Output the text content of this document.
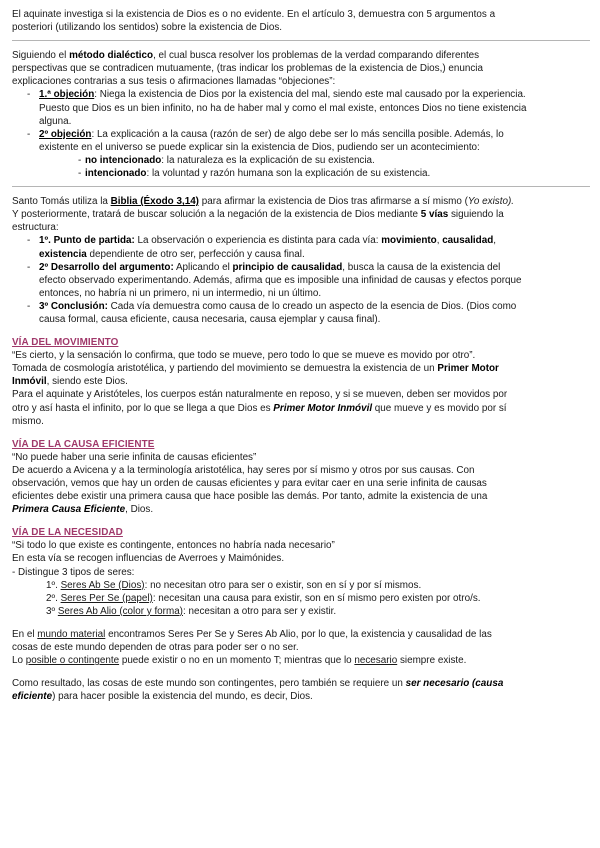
El aquinate investiga si la existencia de Dios es o no evidente. En el artículo 3, demuestra con 5 argumentos a

posteriori (utilizando los sentidos) sobre la existencia de Dios.

Siguiendo el método dialéctico, el cual busca resolver los problemas de la verdad comparando diferentes

perspectivas que se contradicen mutuamente, (tras indicar los problemas de la existencia de Dios,) enuncia

explicaciones contrarias a sus tesis o afirmaciones llamadas “objeciones”:

- 1.ª objeción: Niega la existencia de Dios por la existencia del mal, siendo este mal causado por la experiencia.

Puesto que Dios es un bien infinito, no ha de haber mal y como el mal existe, entonces Dios no tiene existencia

alguna.

- 2º objeción: La explicación a la causa (razón de ser) de algo debe ser lo más sencilla posible. Además, lo

existente en el universo se puede explicar sin la existencia de Dios, pudiendo ser un acontecimiento:

- no intencionado: la naturaleza es la explicación de su existencia.

- intencionado: la voluntad y razón humana son la explicación de su existencia.

Santo Tomás utiliza la Biblia (Éxodo 3,14) para afirmar la existencia de Dios tras afirmarse a sí mismo (Yo existo).

Y posteriormente, tratará de buscar solución a la negación de la existencia de Dios mediante 5 vías siguiendo la

estructura:

- 1º. Punto de partida: La observación o experiencia es distinta para cada vía: movimiento, causalidad,

existencia dependiente de otro ser, perfección y causa final.

- 2º Desarrollo del argumento: Aplicando el principio de causalidad, busca la causa de la existencia del

efecto observado experimentando. Además, afirma que es imposible una infinidad de causas y efectos porque

entonces, no habría ni un primero, ni un intermedio, ni un último.

- 3º Conclusión: Cada vía demuestra como causa de lo creado un aspecto de la esencia de Dios. (Dios como

causa formal, causa eficiente, causa necesaria, causa ejemplar y causa final).

VÍA DEL MOVIMIENTO

“Es cierto, y la sensación lo confirma, que todo se mueve, pero todo lo que se mueve es movido por otro”.

Tomada de cosmología aristotélica, y partiendo del movimiento se demuestra la existencia de un Primer Motor

Inmóvil, siendo este Dios.

Para el aquinate y Aristóteles, los cuerpos están naturalmente en reposo, y si se mueven, deben ser movidos por

otro y así hasta el infinito, por lo que se llega a que Dios es Primer Motor Inmóvil que mueve y es movido por sí

mismo.

VÍA DE LA CAUSA EFICIENTE

“No puede haber una serie infinita de causas eficientes”

De acuerdo a Avicena y a la terminología aristotélica, hay seres por sí mismo y otros por sus causas. Con

observación, vemos que hay un orden de causas eficientes y para evitar caer en una serie infinita de causas

eficientes debe existir una primera causa que hace posible las demás. Por tanto, admite la existencia de una

Primera Causa Eficiente, Dios.

VÍA DE LA NECESIDAD

“Si todo lo que existe es contingente, entonces no habría nada necesario”

En esta vía se recogen influencias de Averroes y Maimónides.

- Distingue 3 tipos de seres:

1º. Seres Ab Se (Dios): no necesitan otro para ser o existir, son en sí y por sí mismos.

2º. Seres Per Se (papel): necesitan una causa para existir, son en sí mismo pero existen por otro/s.

3º Seres Ab Alio (color y forma): necesitan a otro para ser y existir.

En el mundo material encontramos Seres Per Se y Seres Ab Alio, por lo que, la existencia y causalidad de las

cosas de este mundo dependen de otras para poder ser o no ser.

Lo posible o contingente puede existir o no en un momento T; mientras que lo necesario siempre existe.

Como resultado, las cosas de este mundo son contingentes, pero también se requiere un ser necesario (causa

eficiente) para hacer posible la existencia del mundo, es decir, Dios.
